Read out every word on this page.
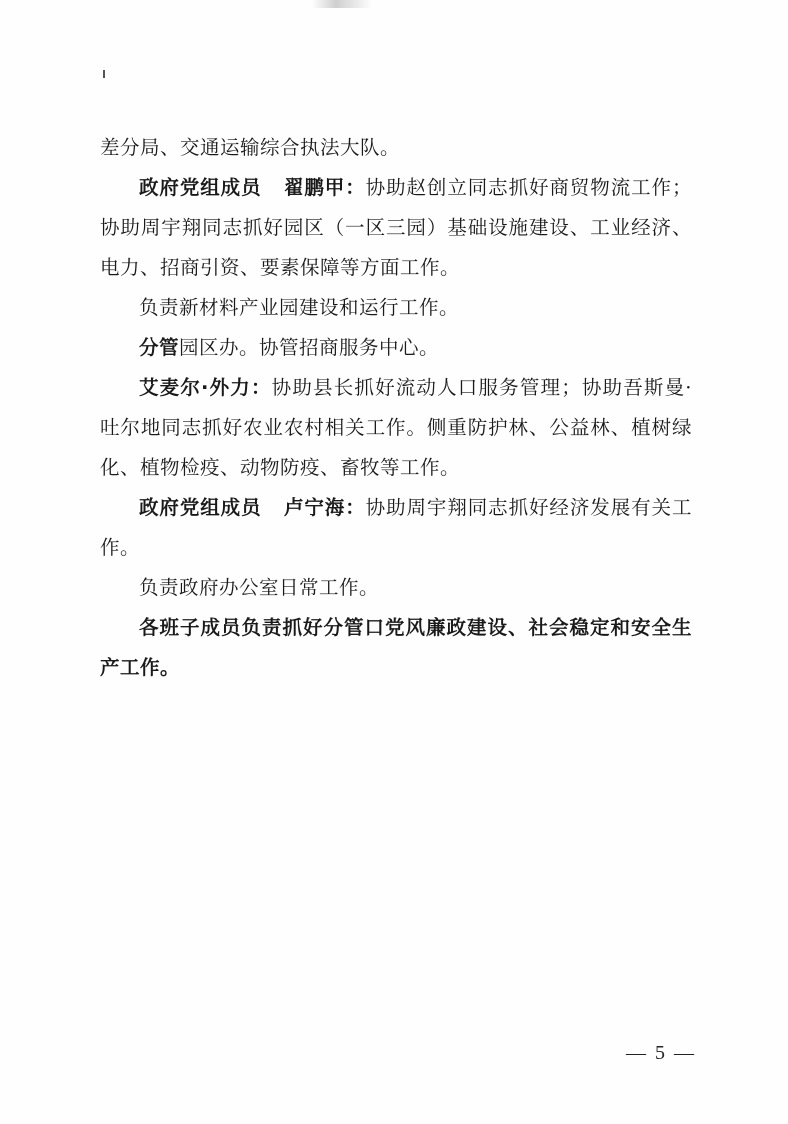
差分局、交通运输综合执法大队。

政府党组成员 翟鹏甲：协助赵创立同志抓好商贸物流工作；协助周宇翔同志抓好园区（一区三园）基础设施建设、工业经济、电力、招商引资、要素保障等方面工作。

负责新材料产业园建设和运行工作。

分管园区办。协管招商服务中心。

艾麦尔·外力：协助县长抓好流动人口服务管理；协助吾斯曼·吐尔地同志抓好农业农村相关工作。侧重防护林、公益林、植树绿化、植物检疫、动物防疫、畜牧等工作。

政府党组成员 卢宁海：协助周宇翔同志抓好经济发展有关工作。

负责政府办公室日常工作。

各班子成员负责抓好分管口党风廉政建设、社会稳定和安全生产工作。

— 5 —
